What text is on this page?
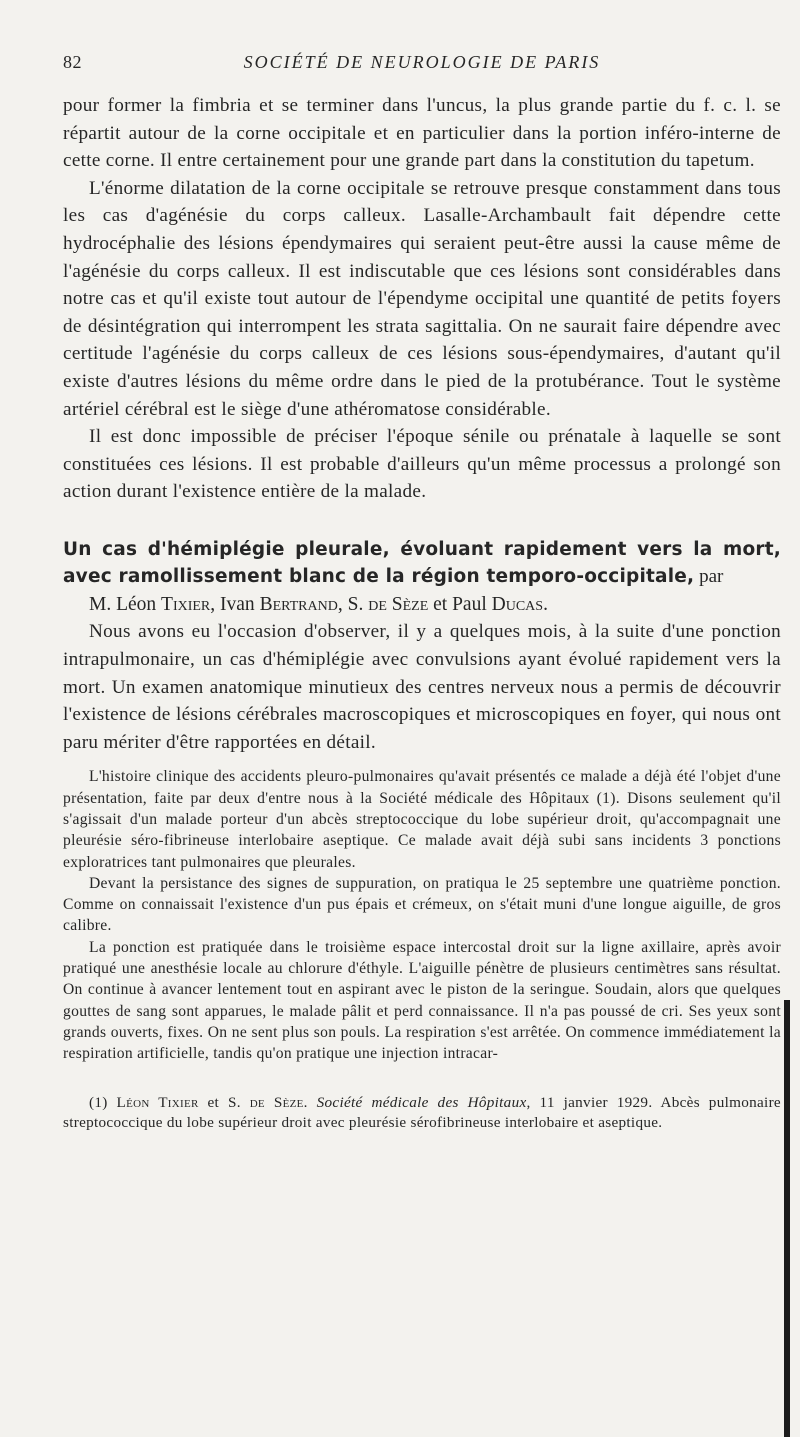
82	SOCIÉTÉ DE NEUROLOGIE DE PARIS

pour former la fimbria et se terminer dans l'uncus, la plus grande partie du f. c. l. se répartit autour de la corne occipitale et en particulier dans la portion inféro-interne de cette corne. Il entre certainement pour une grande part dans la constitution du tapetum.

L'énorme dilatation de la corne occipitale se retrouve presque constamment dans tous les cas d'agénésie du corps calleux. Lasalle-Archambault fait dépendre cette hydrocéphalie des lésions épendymaires qui seraient peut-être aussi la cause même de l'agénésie du corps calleux. Il est indiscutable que ces lésions sont considérables dans notre cas et qu'il existe tout autour de l'épendyme occipital une quantité de petits foyers de désintégration qui interrompent les strata sagittalia. On ne saurait faire dépendre avec certitude l'agénésie du corps calleux de ces lésions sous-épendymaires, d'autant qu'il existe d'autres lésions du même ordre dans le pied de la protubérance. Tout le système artériel cérébral est le siège d'une athéromatose considérable.

Il est donc impossible de préciser l'époque sénile ou prénatale à laquelle se sont constituées ces lésions. Il est probable d'ailleurs qu'un même processus a prolongé son action durant l'existence entière de la malade.

Un cas d'hémiplégie pleurale, évoluant rapidement vers la mort, avec ramollissement blanc de la région temporo-occipitale, par

M. Léon Tixier, Ivan Bertrand, S. de Sèze et Paul Ducas.

Nous avons eu l'occasion d'observer, il y a quelques mois, à la suite d'une ponction intrapulmonaire, un cas d'hémiplégie avec convulsions ayant évolué rapidement vers la mort. Un examen anatomique minutieux des centres nerveux nous a permis de découvrir l'existence de lésions cérébrales macroscopiques et microscopiques en foyer, qui nous ont paru mériter d'être rapportées en détail.

L'histoire clinique des accidents pleuro-pulmonaires qu'avait présentés ce malade a déjà été l'objet d'une présentation, faite par deux d'entre nous à la Société médicale des Hôpitaux (1). Disons seulement qu'il s'agissait d'un malade porteur d'un abcès streptococcique du lobe supérieur droit, qu'accompagnait une pleurésie séro-fibrineuse interlobaire aseptique. Ce malade avait déjà subi sans incidents 3 ponctions exploratrices tant pulmonaires que pleurales.

Devant la persistance des signes de suppuration, on pratiqua le 25 septembre une quatrième ponction. Comme on connaissait l'existence d'un pus épais et crémeux, on s'était muni d'une longue aiguille, de gros calibre.

La ponction est pratiquée dans le troisième espace intercostal droit sur la ligne axillaire, après avoir pratiqué une anesthésie locale au chlorure d'éthyle. L'aiguille pénètre de plusieurs centimètres sans résultat. On continue à avancer lentement tout en aspirant avec le piston de la seringue. Soudain, alors que quelques gouttes de sang sont apparues, le malade pâlit et perd connaissance. Il n'a pas poussé de cri. Ses yeux sont grands ouverts, fixes. On ne sent plus son pouls. La respiration s'est arrêtée. On commence immédiatement la respiration artificielle, tandis qu'on pratique une injection intracar-

(1) Léon Tixier et S. de Sèze. Société médicale des Hôpitaux, 11 janvier 1929. Abcès pulmonaire streptococcique du lobe supérieur droit avec pleurésie sérofibrineuse interlobaire et aseptique.
